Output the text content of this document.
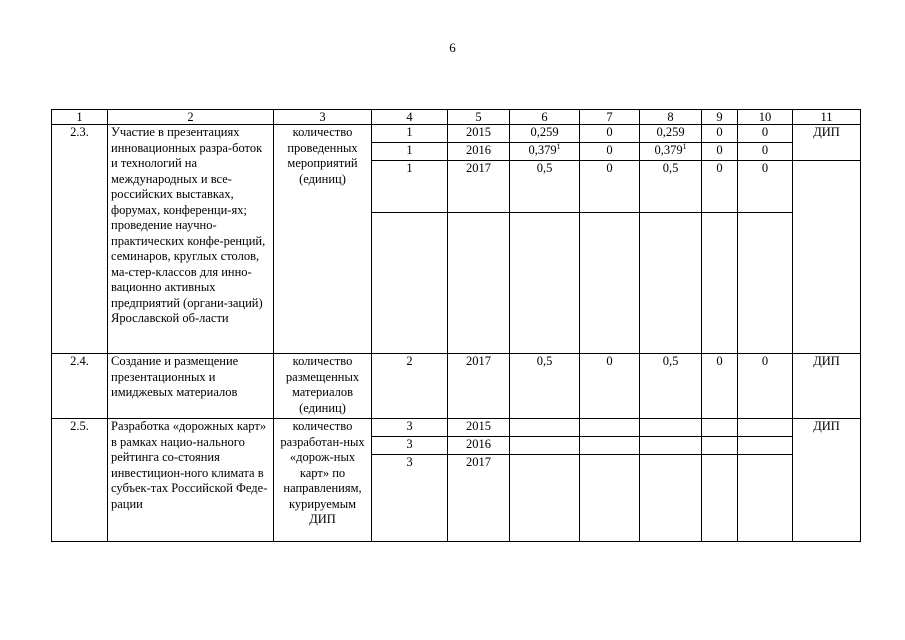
6
1	2	3	4	5	6	7	8	9	10	11
2.3.	Участие в презентациях инновационных разра-боток и технологий на международных и все-российских выставках, форумах, конференци-ях; проведение научно-практических конфе-ренций, семинаров, круглых столов, ма-стер-классов для инно-вационно активных предприятий (органи-заций) Ярославской об-ласти	количество проведенных мероприятий (единиц)	1	2015	0,259	0	0,259	0	0	ДИП
			1	2016	0,379$^1$	0	0,379$^1$	0	0	
			1	2017	0,5	0	0,5	0	0	

2.4.	Создание и размещение презентационных и имиджевых материалов	количество размещенных материалов (единиц)	2	2017	0,5	0	0,5	0	0	ДИП
2.5.	Разработка «дорожных карт» в рамках нацио-нального рейтинга со-стояния инвестицион-ного климата в субъек-тах Российской Феде-рации	количество разработан-ных «дорож-ных карт» по направлениям, курируемым ДИП	3	2015						ДИП
			3	2016						
			3	2017						
